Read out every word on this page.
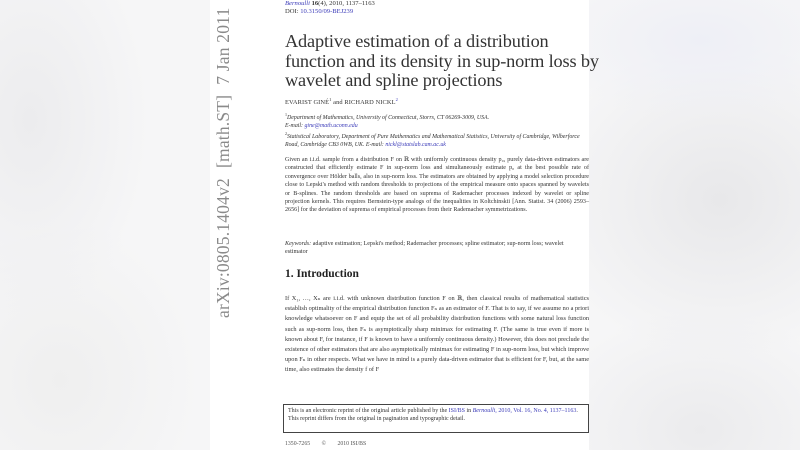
arXiv:0805.1404v2[math.ST]7 Jan 2011
Bernoulli 16(4), 2010, 1137–1163
DOI: 10.3150/09-BEJ239
Adaptive estimation of a distribution function and its density in sup-norm loss by wavelet and spline projections
EVARIST GINÉ$^1$ and RICHARD NICKL$^2$
$^1$Department of Mathematics, University of Connecticut, Storrs, CT 06269-3009, USA.
E-mail: gine@math.uconn.edu
$^2$Statistical Laboratory, Department of Pure Mathematics and Mathematical Statistics, University of Cambridge, Wilberforce Road, Cambridge CB3 0WB, UK. E-mail: nickl@statslab.cam.ac.uk

Given an i.i.d. sample from a distribution F on ℝ with uniformly continuous density p₀, purely data-driven estimators are constructed that efficiently estimate F in sup-norm loss and simultaneously estimate p₀ at the best possible rate of convergence over Hölder balls, also in sup-norm loss. The estimators are obtained by applying a model selection procedure close to Lepski's method with random thresholds to projections of the empirical measure onto spaces spanned by wavelets or B-splines. The random thresholds are based on suprema of Rademacher processes indexed by wavelet or spline projection kernels. This requires Bernstein-type analogs of the inequalities in Koltchinskii [Ann. Statist. 34 (2006) 2593–2656] for the deviation of suprema of empirical processes from their Rademacher symmetrizations.

Keywords: adaptive estimation; Lepski's method; Rademacher processes; spline estimator; sup-norm loss; wavelet estimator

1. Introduction

If X₁, …, Xₙ are i.i.d. with unknown distribution function F on ℝ, then classical results of mathematical statistics establish optimality of the empirical distribution function Fₙ as an estimator of F. That is to say, if we assume no a priori knowledge whatsoever on F and equip the set of all probability distribution functions with some natural loss function such as sup-norm loss, then Fₙ is asymptotically sharp minimax for estimating F. (The same is true even if more is known about F, for instance, if F is known to have a uniformly continuous density.) However, this does not preclude the existence of other estimators that are also asymptotically minimax for estimating F in sup-norm loss, but which improve upon Fₙ in other respects. What we have in mind is a purely data-driven estimator that is efficient for F, but, at the same time, also estimates the density f of F

This is an electronic reprint of the original article published by the ISI/BS in Bernoulli, 2010, Vol. 16, No. 4, 1137–1163. This reprint differs from the original in pagination and typographic detail.
1350-7265 © 2010 ISI/BS
